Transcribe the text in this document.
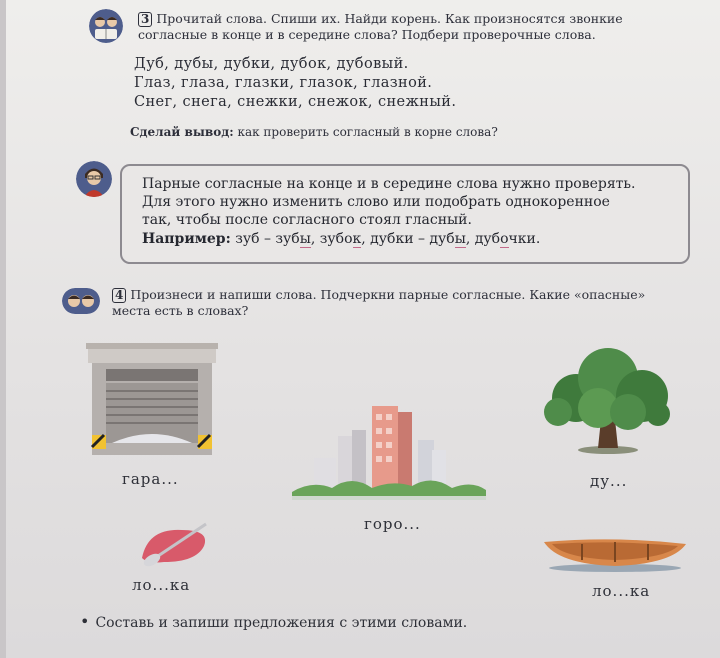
3 Прочитай слова. Спиши их. Найди корень. Как произносятся звонкие
согласные в конце и в середине слова? Подбери проверочные слова.
Дуб, дубы, дубки, дубок, дубовый.
Глаз, глаза, глазки, глазок, глазной.
Снег, снега, снежки, снежок, снежный.
Сделай вывод: как проверить согласный в корне слова?
Парные согласные на конце и в середине слова нужно проверять.
Для этого нужно изменить слово или подобрать однокоренное
так, чтобы после согласного стоял гласный.
Например: зуб – зубы, зубок, дубки – дубы, дубочки.
4 Произнеси и напиши слова. Подчеркни парные согласные. Какие «опасные»
места есть в словах?
гара...
горо...
ду...
ло...ка	ло...ка
• Составь и запиши предложения с этими словами.
